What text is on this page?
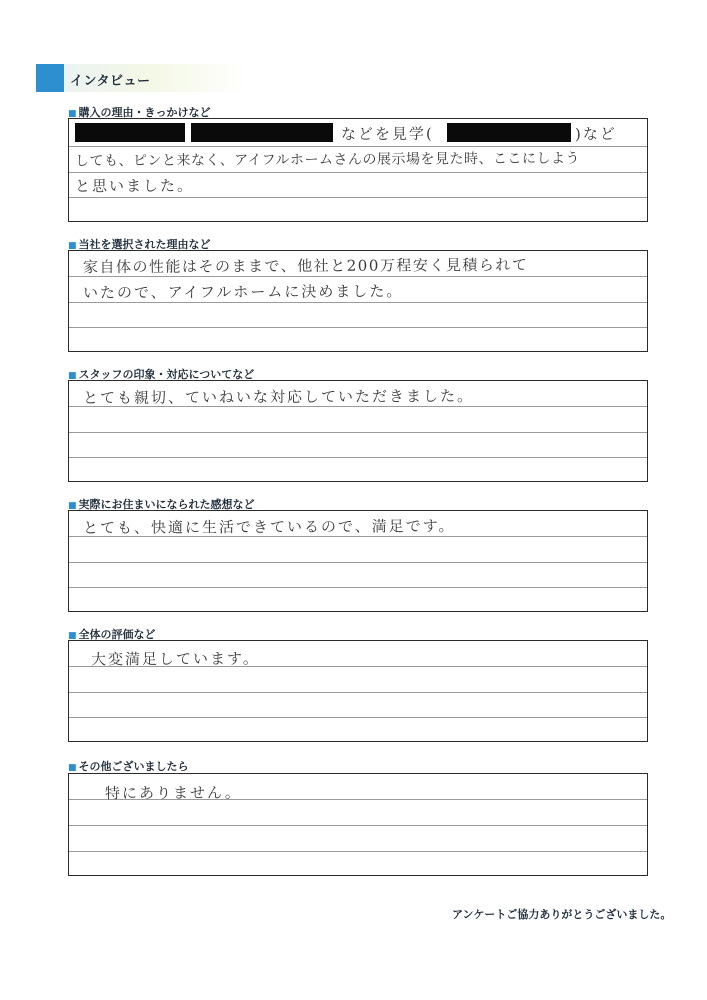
インタビュー
■ 購入の理由・きっかけなど
などを見学(	)など
しても、ピンと来なく、アイフルホームさんの展示場を見た時、ここにしよう
と思いました。
■ 当社を選択された理由など
家自体の性能はそのままで、他社と200万程安く見積られて
いたので、アイフルホームに決めました。
■ スタッフの印象・対応についてなど
とても親切、ていねいな対応していただきました。
■ 実際にお住まいになられた感想など
とても、快適に生活できているので、満足です。
■ 全体の評価など
大変満足しています。
■ その他ございましたら
特にありません。
アンケートご協力ありがとうございました。
